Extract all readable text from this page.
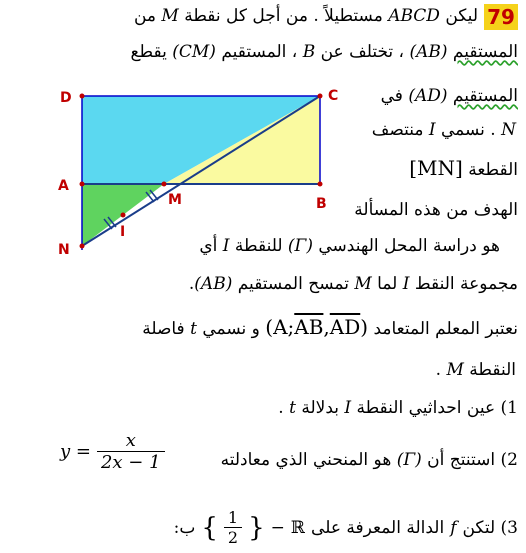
79
ليكن ABCD مستطيلاً . من أجل كل نقطة M من
المستقيم (AB) ، تختلف عن B ، المستقيم (CM) يقطع
المستقيم (AD) في
N . نسمي I منتصف
القطعة [MN]
الهدف من هذه المسألة
هو دراسة المحل الهندسي (Γ) للنقطة I أي
مجموعة النقط I لما M تمسح المستقيم (AB).
نعتبر المعلم المتعامد (A;AB,AD) و نسمي t فاصلة
النقطة M .
1) عين احداثيي النقطة I بدلالة t .
2) استنتج أن (Γ) هو المنحني الذي معادلته
$y = \frac{x}{2x - 1}$
3) لتكن
f
الدالة المعرفة على
ℝ
−
{
$\frac{1}{2}$
}
ب:
D	C
A
B
M
N
I
